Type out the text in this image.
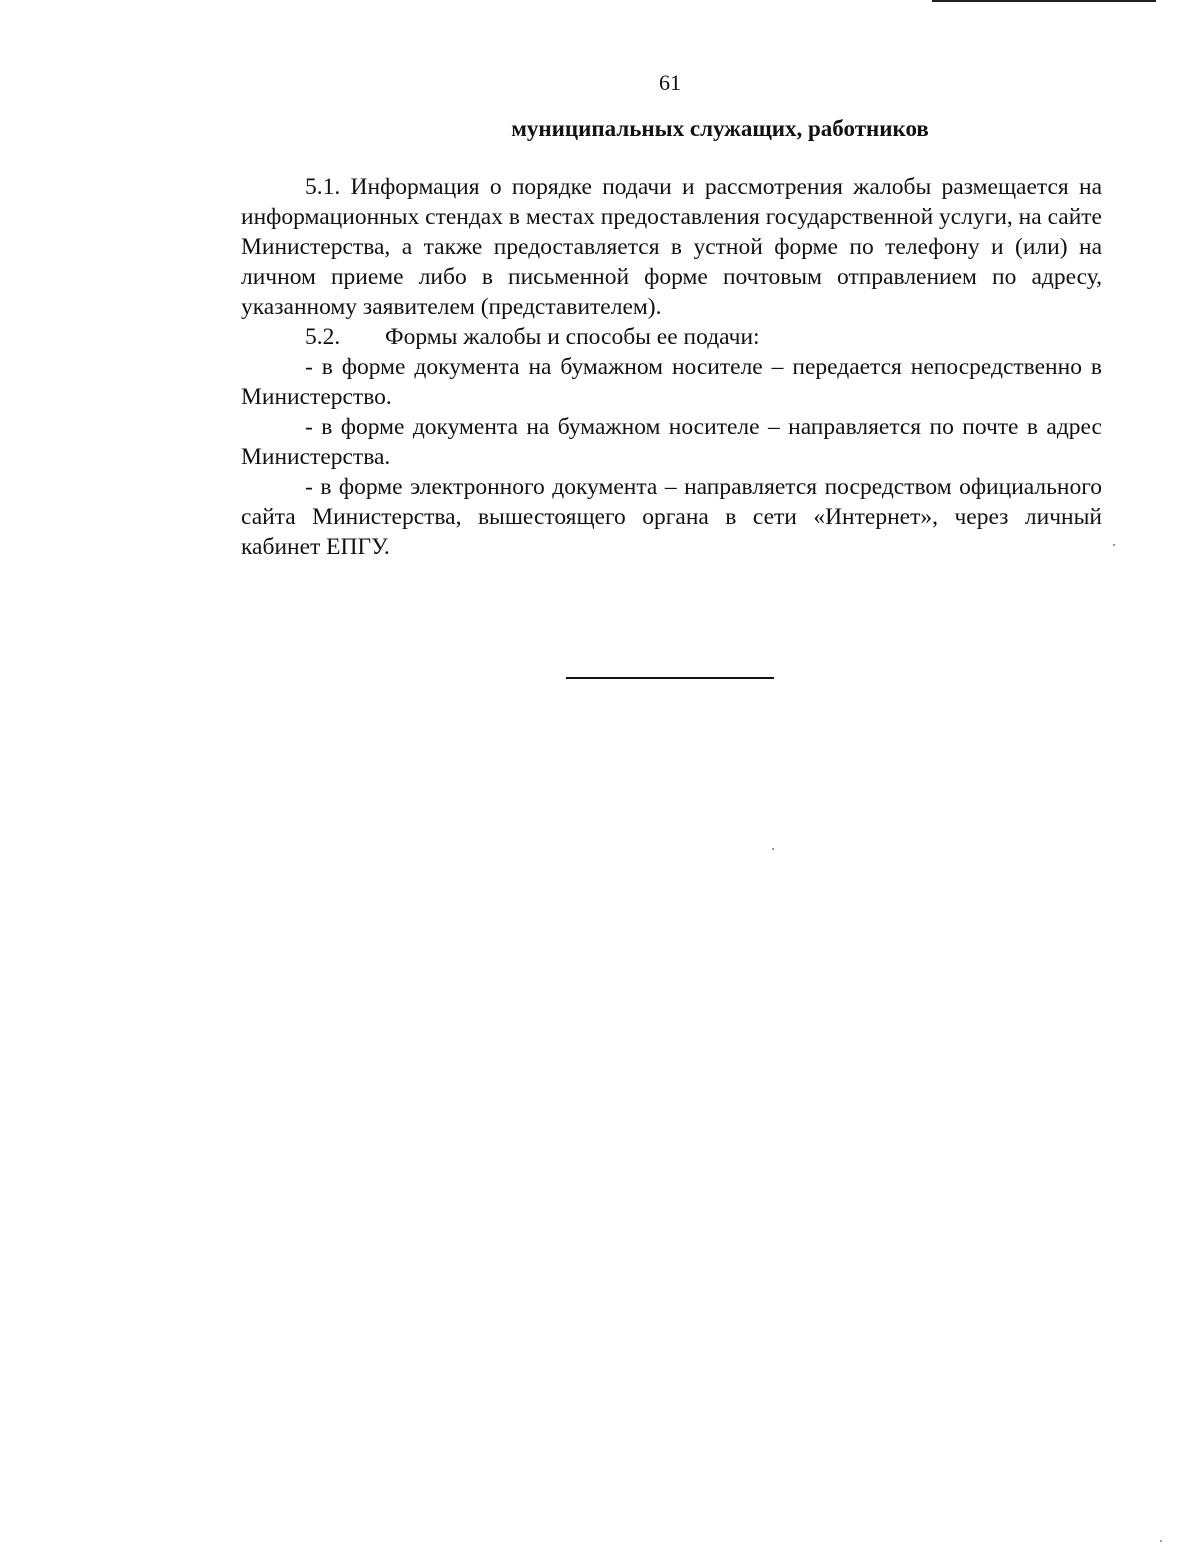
61
муниципальных служащих, работников

5.1. Информация о порядке подачи и рассмотрения жалобы размещается на информационных стендах в местах предоставления государственной услуги, на сайте Министерства, а также предоставляется в устной форме по телефону и (или) на личном приеме либо в письменной форме почтовым отправлением по адресу, указанному заявителем (представителем).

5.2. Формы жалобы и способы ее подачи:

- в форме документа на бумажном носителе – передается непосредственно в Министерство.

- в форме документа на бумажном носителе – направляется по почте в адрес Министерства.

- в форме электронного документа – направляется посредством официального сайта Министерства, вышестоящего органа в сети «Интернет», через личный кабинет ЕПГУ.
